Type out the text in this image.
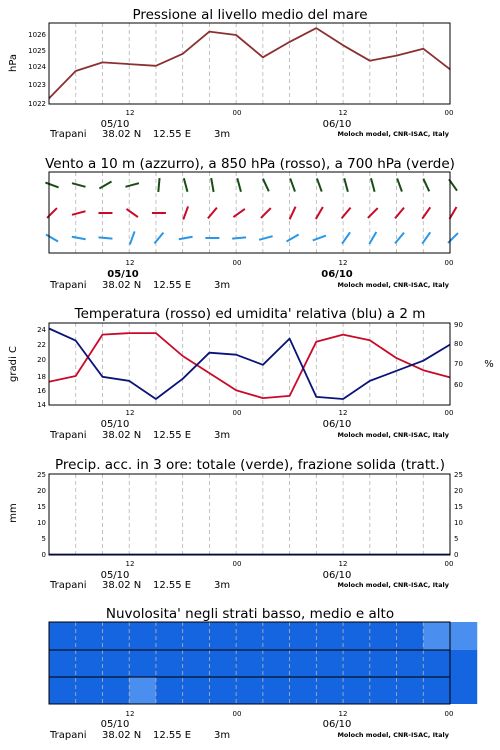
Pressione al livello medio del mare
hPa
1022
1023
1024
1025
1026
12	00	12	00
05/10	06/10
Trapani 38.02 N 12.55 E 3m	Moloch model, CNR-ISAC, Italy
Vento a 10 m (azzurro), a 850 hPa (rosso), a 700 hPa (verde)
12	00	12	00
05/10	06/10
Trapani 38.02 N 12.55 E 3m	Moloch model, CNR-ISAC, Italy
Temperatura (rosso) ed umidita' relativa (blu) a 2 m
gradi C	%
14
16
18
20
22
24
60
70
80
90
12	00	12	00
05/10	06/10
Trapani 38.02 N 12.55 E 3m	Moloch model, CNR-ISAC, Italy
Precip. acc. in 3 ore: totale (verde), frazione solida (tratt.)
mm
0
5
10
15
20
25
0
5
10
15
20
25
12	00	12	00
05/10	06/10
Trapani 38.02 N 12.55 E 3m	Moloch model, CNR-ISAC, Italy
Nuvolosita' negli strati basso, medio e alto
12	00	12	00
05/10	06/10
Trapani 38.02 N 12.55 E 3m	Moloch model, CNR-ISAC, Italy
